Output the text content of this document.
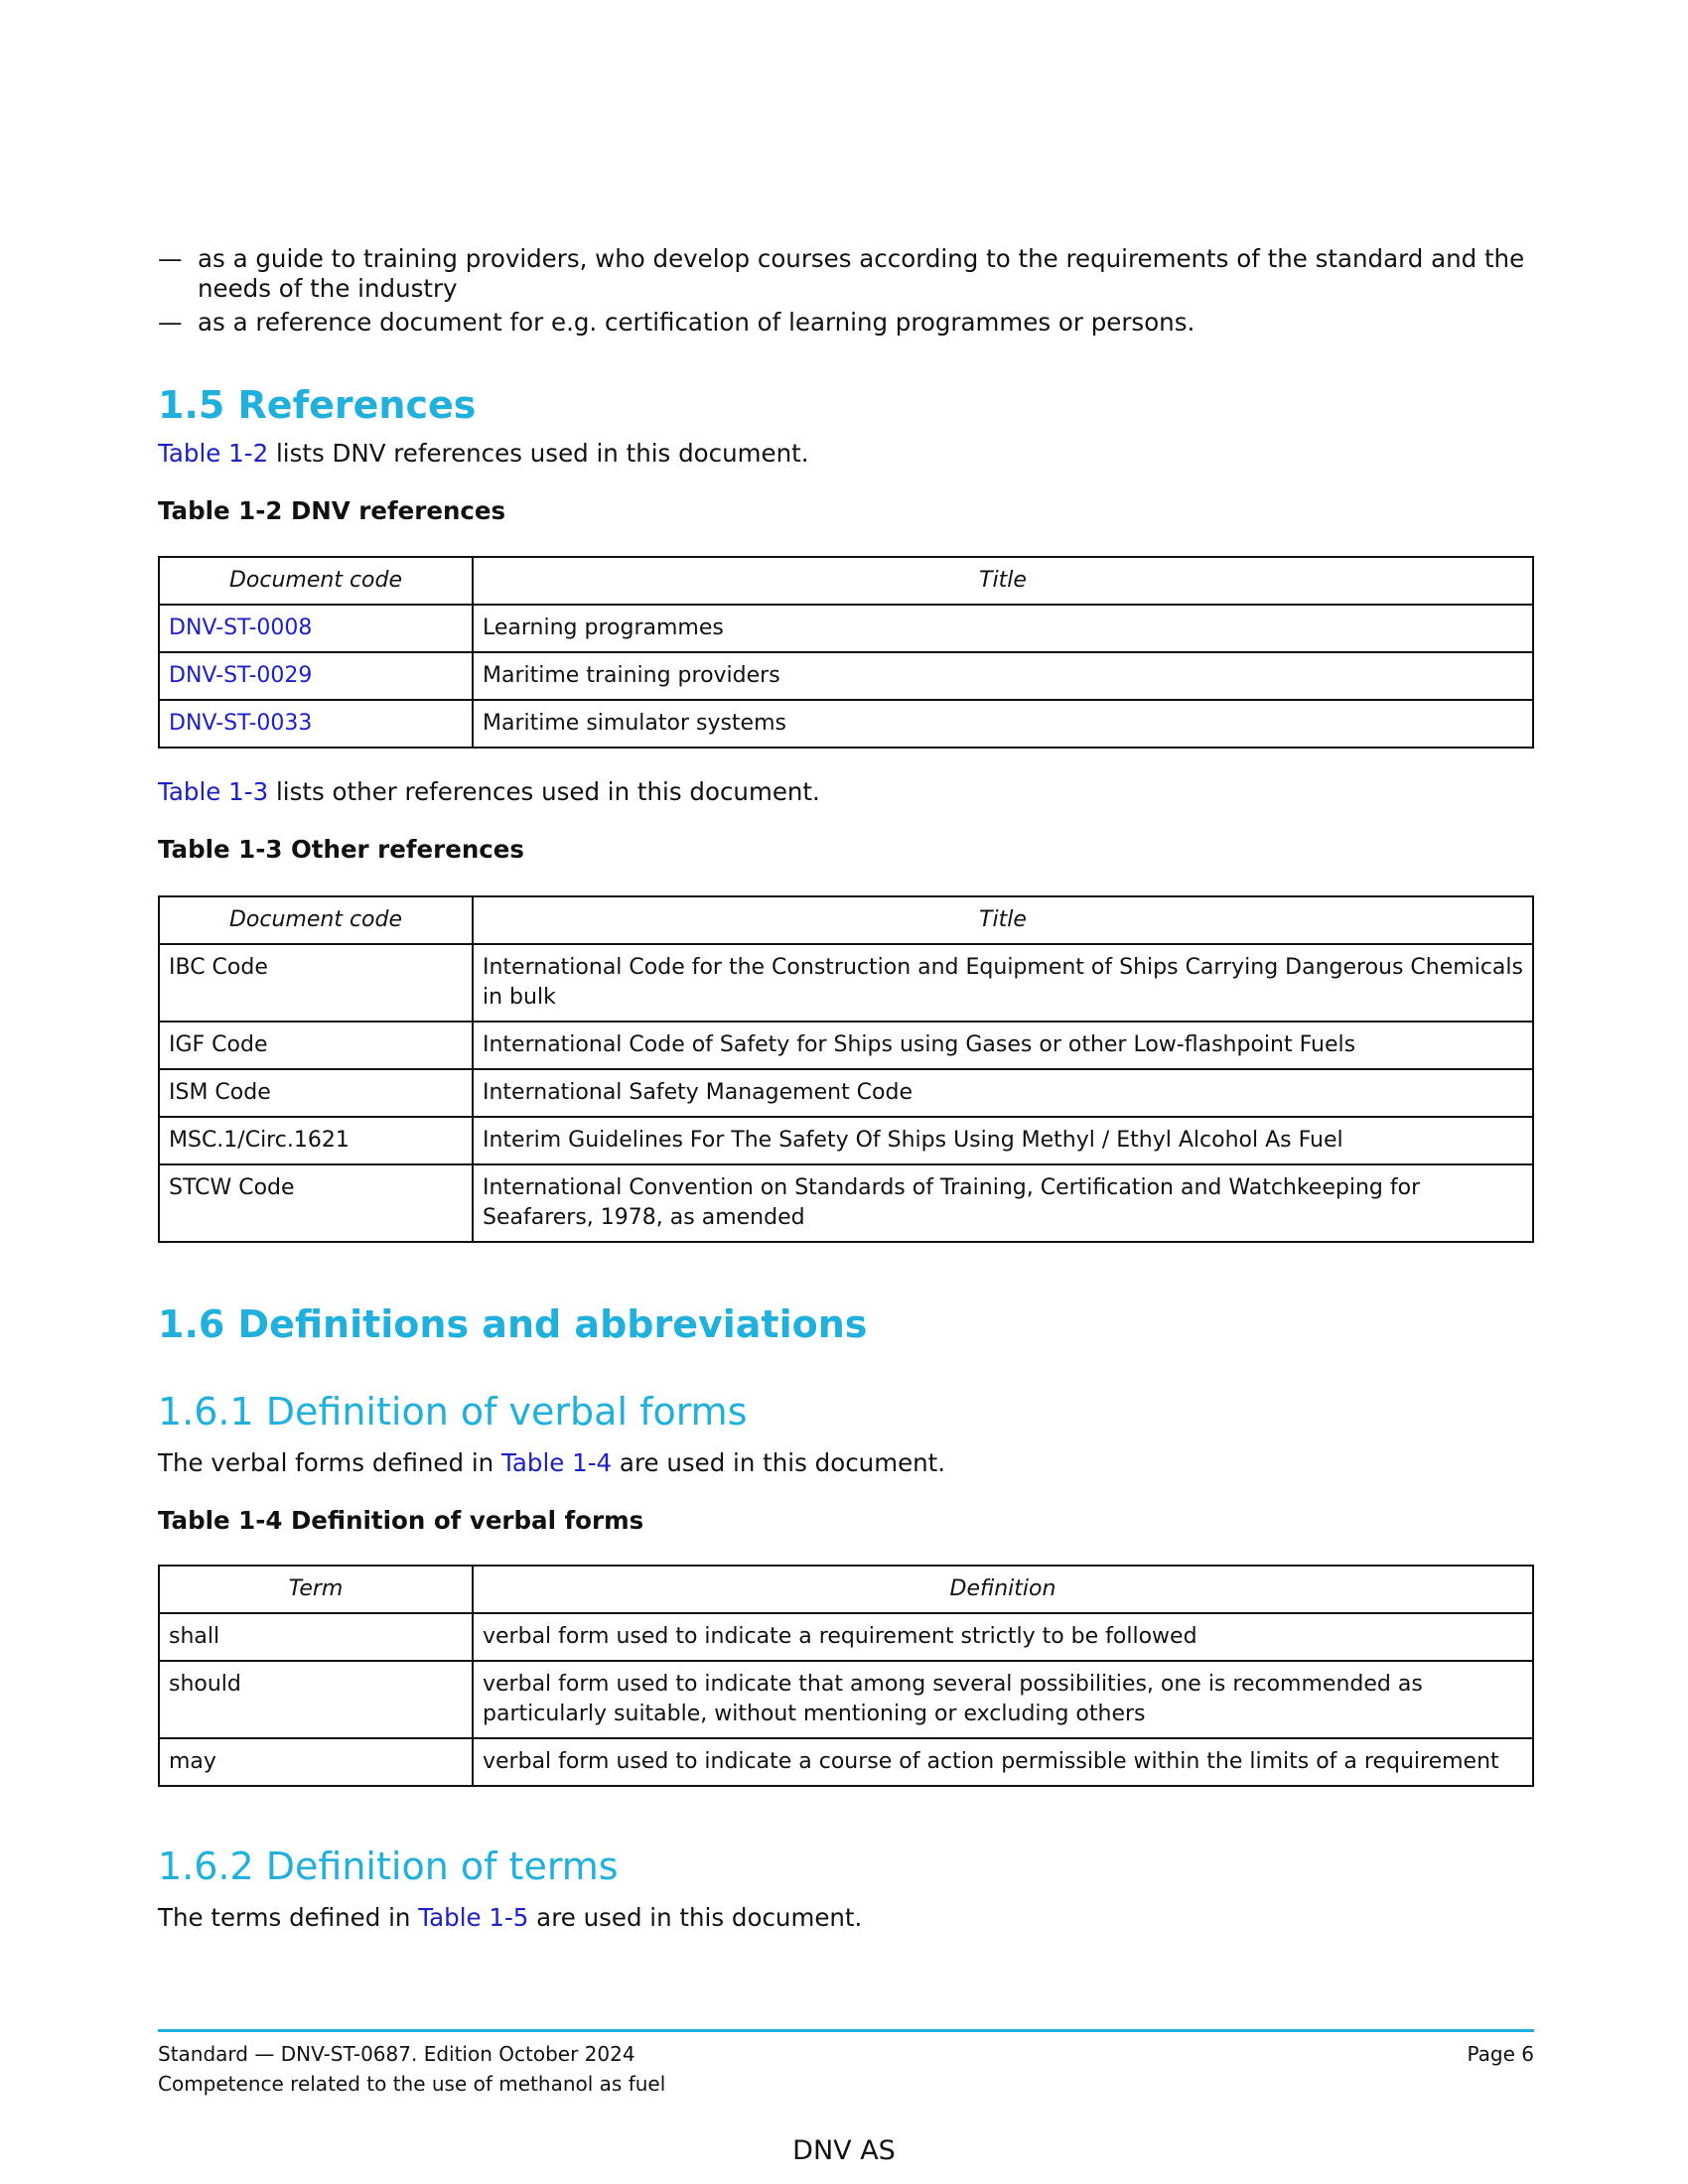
— as a guide to training providers, who develop courses according to the requirements of the standard and the needs of the industry
— as a reference document for e.g. certification of learning programmes or persons.
1.5 References

Table 1-2 lists DNV references used in this document.

Table 1-2 DNV references

Document code	Title
DNV-ST-0008	Learning programmes
DNV-ST-0029	Maritime training providers
DNV-ST-0033	Maritime simulator systems

Table 1-3 lists other references used in this document.

Table 1-3 Other references

Document code	Title
IBC Code	International Code for the Construction and Equipment of Ships Carrying Dangerous Chemicals in bulk
IGF Code	International Code of Safety for Ships using Gases or other Low-flashpoint Fuels
ISM Code	International Safety Management Code
MSC.1/Circ.1621	Interim Guidelines For The Safety Of Ships Using Methyl / Ethyl Alcohol As Fuel
STCW Code	International Convention on Standards of Training, Certification and Watchkeeping for Seafarers, 1978, as amended
1.6 Definitions and abbreviations
1.6.1 Definition of verbal forms

The verbal forms defined in Table 1-4 are used in this document.

Table 1-4 Definition of verbal forms

Term	Definition
shall	verbal form used to indicate a requirement strictly to be followed
should	verbal form used to indicate that among several possibilities, one is recommended as particularly suitable, without mentioning or excluding others
may	verbal form used to indicate a course of action permissible within the limits of a requirement
1.6.2 Definition of terms

The terms defined in Table 1-5 are used in this document.

Standard — DNV-ST-0687. Edition October 2024
Competence related to the use of methanol as fuel
Page 6
DNV AS
